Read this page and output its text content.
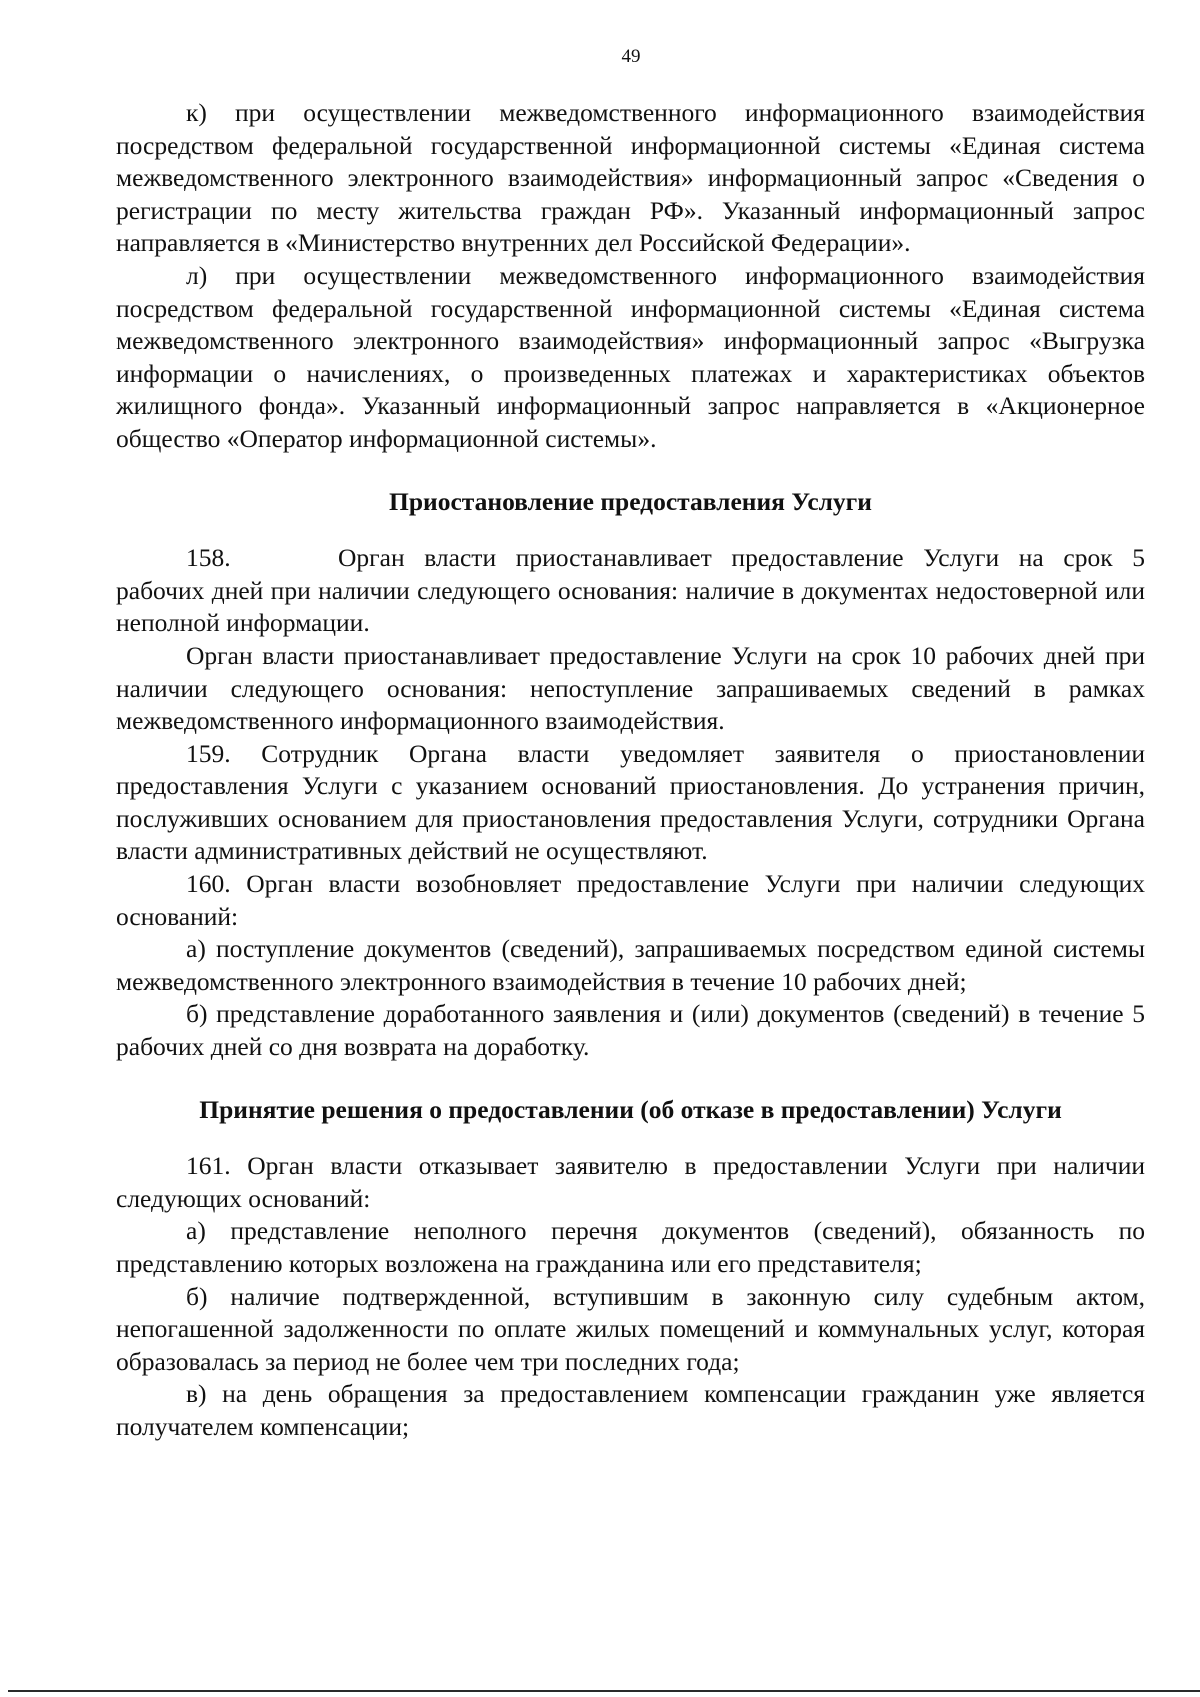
49

к) при осуществлении межведомственного информационного взаимодействия посредством федеральной государственной информационной системы «Единая система межведомственного электронного взаимодействия» информационный запрос «Сведения о регистрации по месту жительства граждан РФ». Указанный информационный запрос направляется в «Министерство внутренних дел Российской Федерации».

л) при осуществлении межведомственного информационного взаимодействия посредством федеральной государственной информационной системы «Единая система межведомственного электронного взаимодействия» информационный запрос «Выгрузка информации о начислениях, о произведенных платежах и характеристиках объектов жилищного фонда». Указанный информационный запрос направляется в «Акционерное общество «Оператор информационной системы».

Приостановление предоставления Услуги

158.	Орган власти приостанавливает предоставление Услуги на срок 5 рабочих дней при наличии следующего основания: наличие в документах недостоверной или неполной информации.

Орган власти приостанавливает предоставление Услуги на срок 10 рабочих дней при наличии следующего основания: непоступление запрашиваемых сведений в рамках межведомственного информационного взаимодействия.

159. Сотрудник Органа власти уведомляет заявителя о приостановлении предоставления Услуги с указанием оснований приостановления. До устранения причин, послуживших основанием для приостановления предоставления Услуги, сотрудники Органа власти административных действий не осуществляют.

160. Орган власти возобновляет предоставление Услуги при наличии следующих оснований:

а) поступление документов (сведений), запрашиваемых посредством единой системы межведомственного электронного взаимодействия в течение 10 рабочих дней;

б) представление доработанного заявления и (или) документов (сведений) в течение 5 рабочих дней со дня возврата на доработку.

Принятие решения о предоставлении (об отказе в предоставлении) Услуги

161. Орган власти отказывает заявителю в предоставлении Услуги при наличии следующих оснований:

а) представление неполного перечня документов (сведений), обязанность по представлению которых возложена на гражданина или его представителя;

б) наличие подтвержденной, вступившим в законную силу судебным актом, непогашенной задолженности по оплате жилых помещений и коммунальных услуг, которая образовалась за период не более чем три последних года;

в) на день обращения за предоставлением компенсации гражданин уже является получателем компенсации;
